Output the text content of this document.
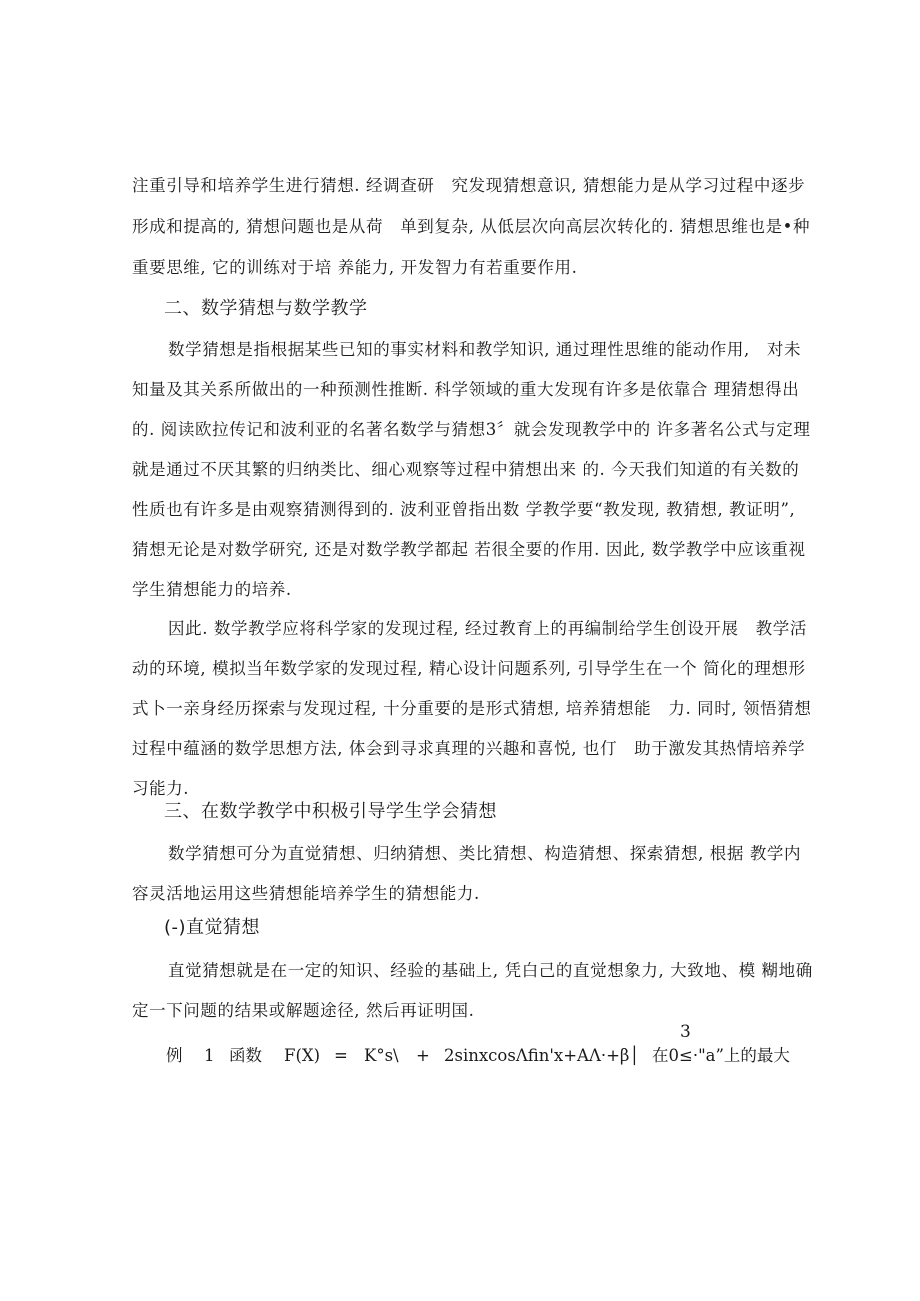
注重引导和培养学生进行猜想. 经调查研　究发现猜想意识, 猜想能力是从学习过程中逐步
形成和提高的, 猜想问题也是从荷　单到复杂, 从低层次向高层次转化的. 猜想思维也是•种
重要思维, 它的训练对于培 养能力, 开发智力有若重要作用.
二、数学猜想与数学教学
数学猜想是指根据某些已知的事实材料和教学知识, 通过理性思维的能动作用,　对未
知量及其关系所做出的一种预测性推断. 科学领域的重大发现有许多是依靠合 理猜想得出
的. 阅读欧拉传记和波利亚的名著名数学与猜想3〞就会发现教学中的 许多著名公式与定理
就是通过不厌其繁的归纳类比、细心观察等过程中猜想出来 的. 今天我们知道的有关数的
性质也有许多是由观察猜测得到的. 波利亚曾指出数 学教学要“教发现, 教猜想, 教证明”,
猜想无论是对数学研究, 还是对数学教学都起 若很全要的作用. 因此, 数学教学中应该重视
学生猜想能力的培养.
因此. 数学教学应将科学家的发现过程, 经过教育上的再编制给学生创设开展　教学活
动的环境, 模拟当年数学家的发现过程, 精心设计问题系列, 引导学生在一个 简化的理想形
式卜一亲身经历探索与发现过程, 十分重要的是形式猜想, 培养猜想能　力. 同时, 领悟猜想
过程中蕴涵的数学思想方法, 体会到寻求真理的兴趣和喜悦, 也仃　助于激发其热情培养学
习能力.
三、在数学教学中积极引导学生学会猜想
数学猜想可分为直觉猜想、归纳猜想、类比猜想、构造猜想、探索猜想, 根据 教学内
容灵活地运用这些猜想能培养学生的猜想能力.
(-)直觉猜想
直觉猜想就是在一定的知识、经验的基础上, 凭白己的直觉想象力, 大致地、模 糊地确
定一下问题的结果或解题途径, 然后再证明国.
3
例 1 函数 F(X) = K°s\ + 2sinxcosΛfin'x+AΛ·+β│ 在0≤·"a”上的最大
